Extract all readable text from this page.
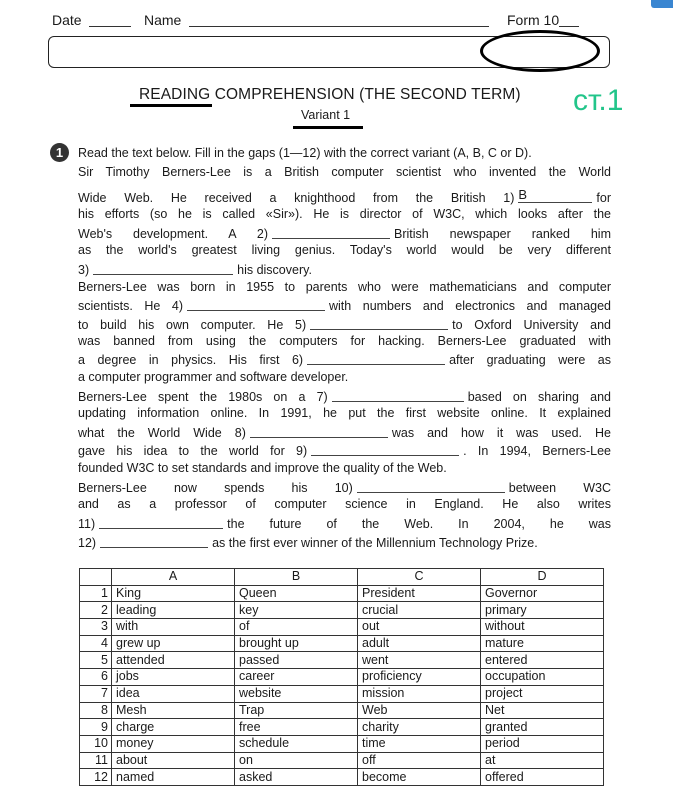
Date	Name	Form 10
READING COMPREHENSION (THE SECOND TERM)
Variant 1	ст.1
1	Read the text below. Fill in the gaps (1—12) with the correct variant (A, B, C or D).
Sir Timothy Berners-Lee is a British computer scientist who invented the World
Wide Web. He received a knighthood from the British 1) B	for
his efforts (so he is called «Sir»). He is director of W3C, which looks after the
Web's development. A 2)	British newspaper ranked him
as the world's greatest living genius. Today's world would be very different
3)	his discovery.
Berners-Lee was born in 1955 to parents who were mathematicians and computer
scientists. He 4)	with numbers and electronics and managed
to build his own computer. He 5)	to Oxford University and
was banned from using the computers for hacking. Berners-Lee graduated with
a degree in physics. His first 6)	after graduating were as
a computer programmer and software developer.
Berners-Lee spent the 1980s on a 7)	based on sharing and
updating information online. In 1991, he put the first website online. It explained
what the World Wide 8)	was and how it was used. He
gave his idea to the world for 9)	. In 1994, Berners-Lee
founded W3C to set standards and improve the quality of the Web.
Berners-Lee now spends his 10)	between W3C
and as a professor of computer science in England. He also writes
11)	the future of the Web. In 2004, he was
12)	as the first ever winner of the Millennium Technology Prize.
	A	B	C	D
1	King	Queen	President	Governor
2	leading	key	crucial	primary
3	with	of	out	without
4	grew up	brought up	adult	mature
5	attended	passed	went	entered
6	jobs	career	proficiency	occupation
7	idea	website	mission	project
8	Mesh	Trap	Web	Net
9	charge	free	charity	granted
10	money	schedule	time	period
11	about	on	off	at
12	named	asked	become	offered
